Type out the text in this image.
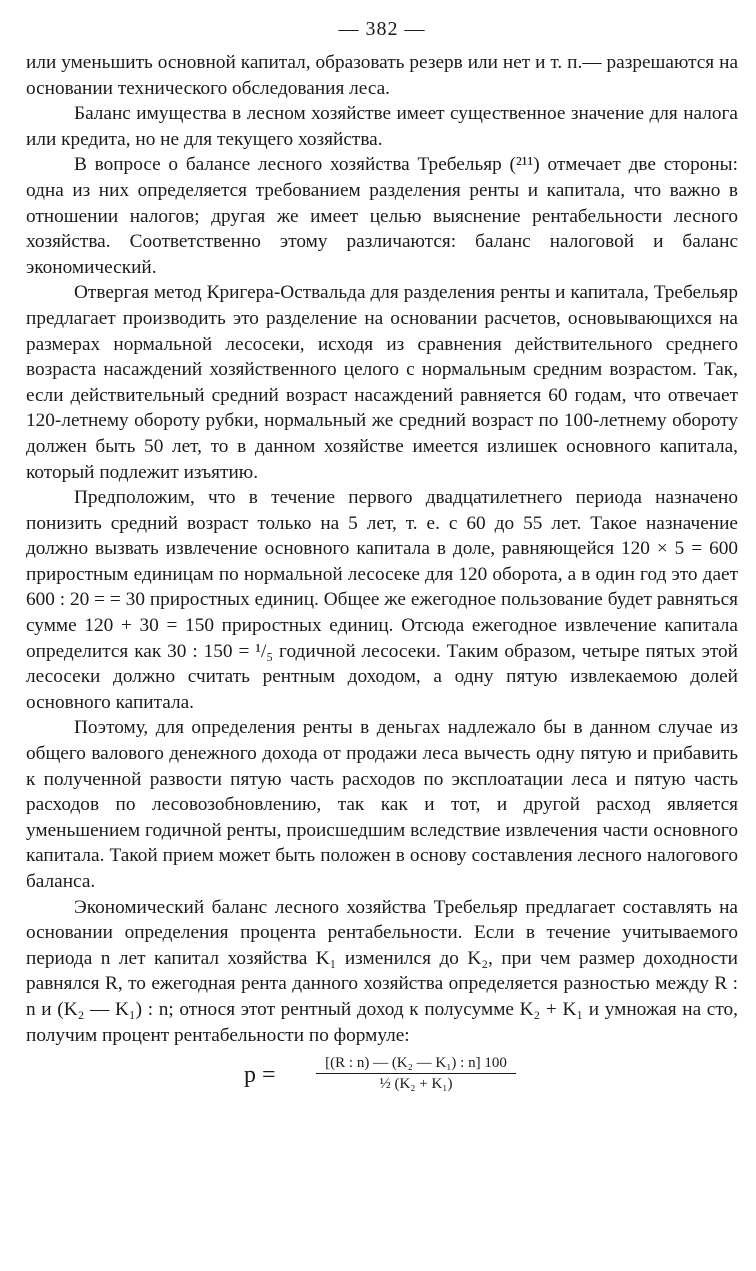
— 382 —

или уменьшить основной капитал, образовать резерв или нет и т. п.— разрешаются на основании технического обследования леса.

Баланс имущества в лесном хозяйстве имеет существенное значение для налога или кредита, но не для текущего хозяйства.

В вопросе о балансе лесного хозяйства Требельяр (²¹¹) отмечает две стороны: одна из них определяется требованием разделения ренты и капитала, что важно в отношении налогов; другая же имеет целью выяснение рентабельности лесного хозяйства. Соответственно этому различаются: баланс налоговой и баланс экономический.

Отвергая метод Кригера-Оствальда для разделения ренты и капитала, Требельяр предлагает производить это разделение на основании расчетов, основывающихся на размерах нормальной лесосеки, исходя из сравнения действительного среднего возраста насаждений хозяйственного целого с нормальным средним возрастом. Так, если действительный средний возраст насаждений равняется 60 годам, что отвечает 120-летнему обороту рубки, нормальный же средний возраст по 100-летнему обороту должен быть 50 лет, то в данном хозяйстве имеется излишек основного капитала, который подлежит изъятию.

Предположим, что в течение первого двадцатилетнего периода назначено понизить средний возраст только на 5 лет, т. е. с 60 до 55 лет. Такое назначение должно вызвать извлечение основного капитала в доле, равняющейся 120 × 5 = 600 приростным единицам по нормальной лесосеке для 120 оборота, а в один год это дает 600 : 20 = = 30 приростных единиц. Общее же ежегодное пользование будет равняться сумме 120 + 30 = 150 приростных единиц. Отсюда ежегодное извлечение капитала определится как 30 : 150 = ¹/₅ годичной лесосеки. Таким образом, четыре пятых этой лесосеки должно считать рентным доходом, а одну пятую извлекаемою долей основного капитала.

Поэтому, для определения ренты в деньгах надлежало бы в данном случае из общего валового денежного дохода от продажи леса вычесть одну пятую и прибавить к полученной развости пятую часть расходов по эксплоатации леса и пятую часть расходов по лесовозобновлению, так как и тот, и другой расход является уменьшением годичной ренты, происшедшим вследствие извлечения части основного капитала. Такой прием может быть положен в основу составления лесного налогового баланса.

Экономический баланс лесного хозяйства Требельяр предлагает составлять на основании определения процента рентабельности. Если в течение учитываемого периода n лет капитал хозяйства K₁ изменился до K₂, при чем размер доходности равнялся R, то ежегодная рента данного хозяйства определяется разностью между R : n и (K₂ — K₁) : n; относя этот рентный доход к полусумме K₂ + K₁ и умножая на сто, получим процент рентабельности по формуле:

p =	$\frac{\text{[(R : n) — (K₂ — K₁) : n] 100}}{\text{½ (K₂ + K₁)}}$
